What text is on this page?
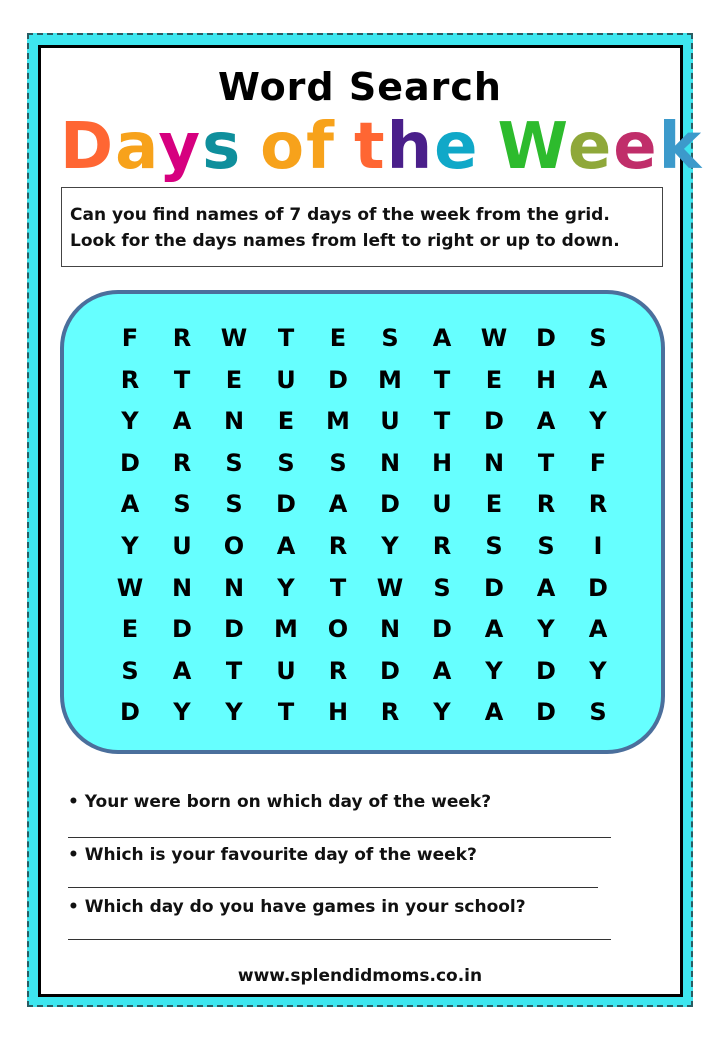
Word Search
Days of the Week
Can you find names of 7 days of the week from the grid.
Look for the days names from left to right or up to down.
F	R	W	T	E	S	A	W	D	S
R	T	E	U	D	M	T	E	H	A
Y	A	N	E	M	U	T	D	A	Y
D	R	S	S	S	N	H	N	T	F
A	S	S	D	A	D	U	E	R	R
Y	U	O	A	R	Y	R	S	S	I
W	N	N	Y	T	W	S	D	A	D
E	D	D	M	O	N	D	A	Y	A
S	A	T	U	R	D	A	Y	D	Y
D	Y	Y	T	H	R	Y	A	D	S
• Your were born on which day of the week?
• Which is your favourite day of the week?
• Which day do you have games in your school?
www.splendidmoms.co.in
